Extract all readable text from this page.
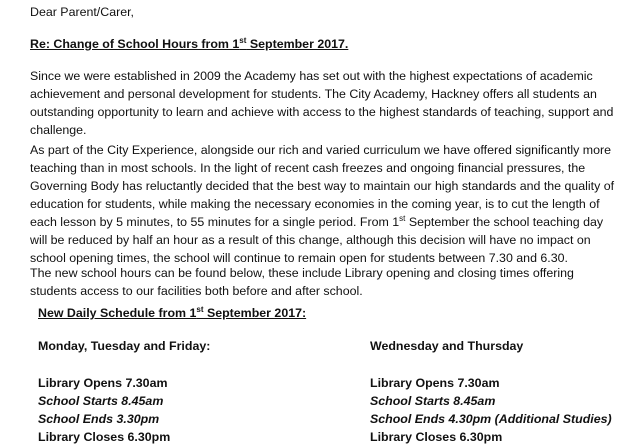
Dear Parent/Carer,

Re: Change of School Hours from 1st September 2017.

Since we were established in 2009 the Academy has set out with the highest expectations of academic achievement and personal development for students. The City Academy, Hackney offers all students an outstanding opportunity to learn and achieve with access to the highest standards of teaching, support and challenge.

As part of the City Experience, alongside our rich and varied curriculum we have offered significantly more teaching than in most schools. In the light of recent cash freezes and ongoing financial pressures, the Governing Body has reluctantly decided that the best way to maintain our high standards and the quality of education for students, while making the necessary economies in the coming year, is to cut the length of each lesson by 5 minutes, to 55 minutes for a single period. From 1st September the school teaching day will be reduced by half an hour as a result of this change, although this decision will have no impact on school opening times, the school will continue to remain open for students between 7.30 and 6.30.

The new school hours can be found below, these include Library opening and closing times offering students access to our facilities both before and after school.

New Daily Schedule from 1st September 2017:

Monday, Tuesday and Friday:

Library Opens 7.30am

School Starts 8.45am

School Ends 3.30pm

Library Closes 6.30pm

Wednesday and Thursday

Library Opens 7.30am

School Starts 8.45am

School Ends 4.30pm (Additional Studies)

Library Closes 6.30pm
